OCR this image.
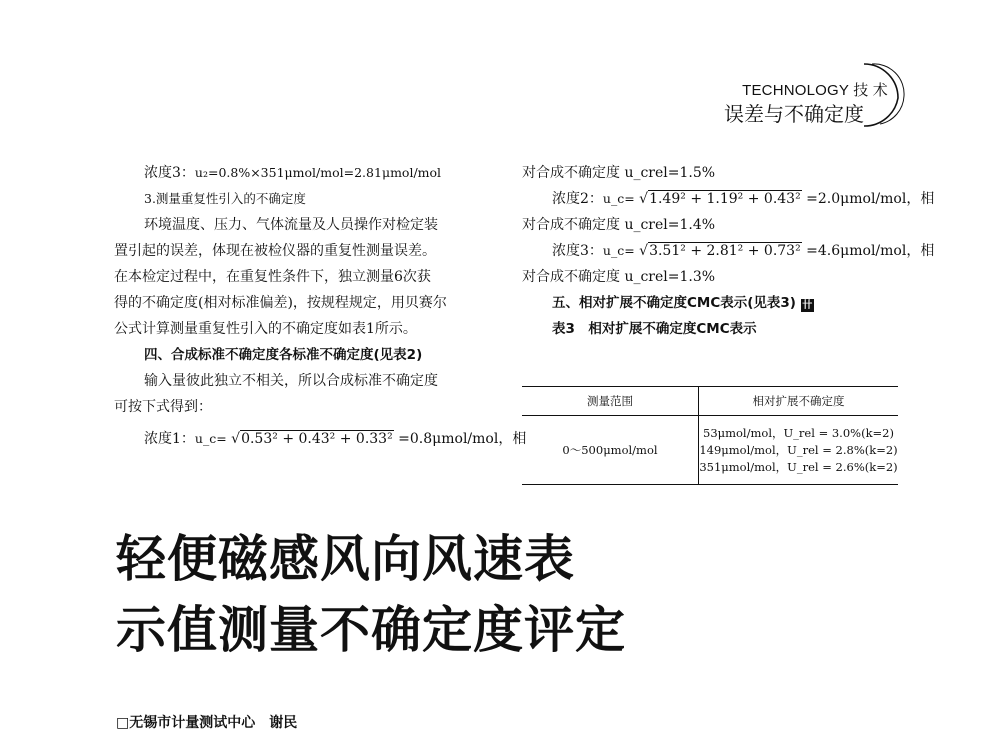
TECHNOLOGY 技 术
误差与不确定度
浓度3：u₂=0.8%×351μmol/mol=2.81μmol/mol
3.测量重复性引入的不确定度
环境温度、压力、气体流量及人员操作对检定装
置引起的误差，体现在被检仪器的重复性测量误差。
在本检定过程中，在重复性条件下，独立测量6次获
得的不确定度(相对标准偏差)，按规程规定，用贝赛尔
公式计算测量重复性引入的不确定度如表1所示。
四、合成标准不确定度各标准不确定度(见表2)
输入量彼此独立不相关，所以合成标准不确定度
可按下式得到：
浓度1：u_c= √0.53² + 0.43² + 0.33² =0.8μmol/mol，相
对合成不确定度 u_crel=1.5%
浓度2：u_c= √1.49² + 1.19² + 0.43² =2.0μmol/mol，相
对合成不确定度 u_crel=1.4%
浓度3：u_c= √3.51² + 2.81² + 0.73² =4.6μmol/mol，相
对合成不确定度 u_crel=1.3%
五、相对扩展不确定度CMC表示(见表3) 卄
表3　相对扩展不确定度CMC表示
测量范围	相对扩展不确定度
0～500μmol/mol
53μmol/mol，U_rel = 3.0%(k=2)
149μmol/mol，U_rel = 2.8%(k=2)
351μmol/mol，U_rel = 2.6%(k=2)
轻便磁感风向风速表
示值测量不确定度评定
□无锡市计量测试中心　谢民
